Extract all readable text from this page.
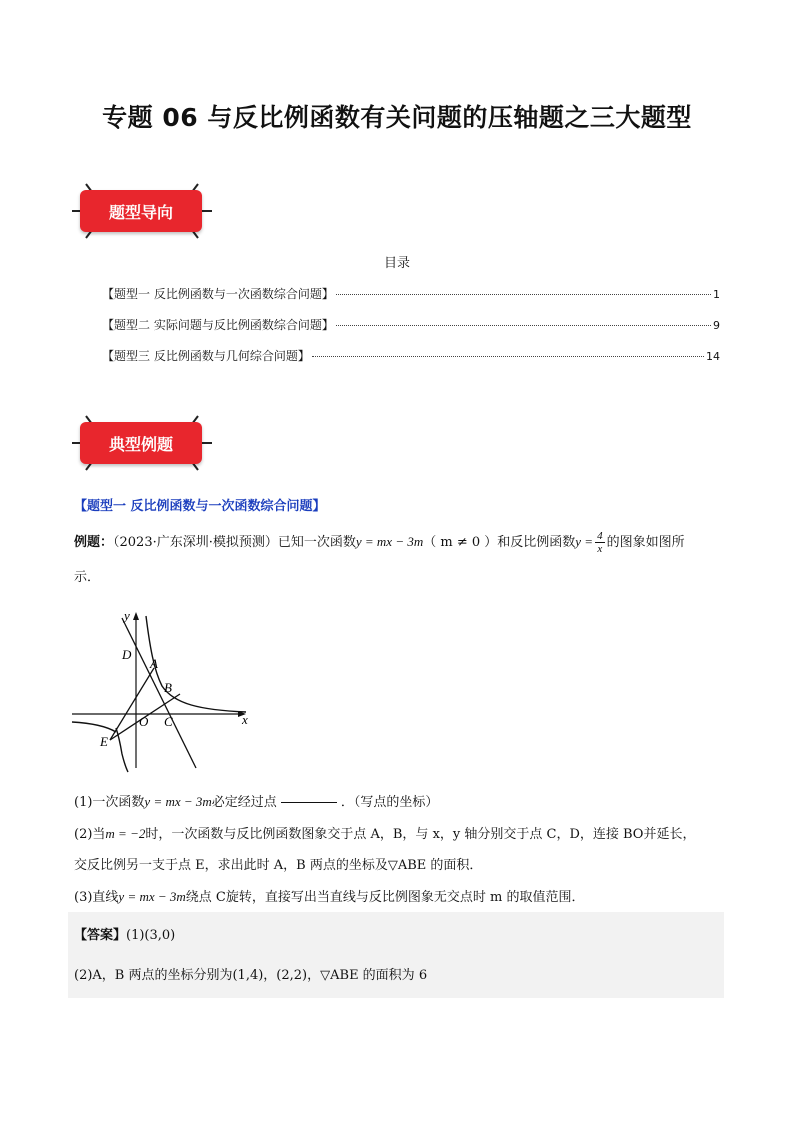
专题 06 与反比例函数有关问题的压轴题之三大题型
题型导向
目录
【题型一 反比例函数与一次函数综合问题】	1
【题型二 实际问题与反比例函数综合问题】	9
【题型三 反比例函数与几何综合问题】	14
典型例题
【题型一 反比例函数与一次函数综合问题】
例题：（2023·广东深圳·模拟预测）已知一次函数y = mx − 3m（ m ≠ 0 ）和反比例函数$y = \frac{4}{x}$ 的图象如图所
示．
y
x
O
A
B
C
D
E
(1)一次函数y = mx − 3m必定经过点	．（写点的坐标）
(2)当m = −2时，一次函数与反比例函数图象交于点 A，B，与 x，y 轴分别交于点 C，D，连接 BO并延长，
交反比例另一支于点 E，求出此时 A，B 两点的坐标及▽ABE 的面积．
(3)直线y = mx − 3m绕点 C旋转，直接写出当直线与反比例图象无交点时 m 的取值范围．
【答案】(1)(3,0)
(2)A，B 两点的坐标分别为(1,4)，(2,2)，▽ABE 的面积为 6
